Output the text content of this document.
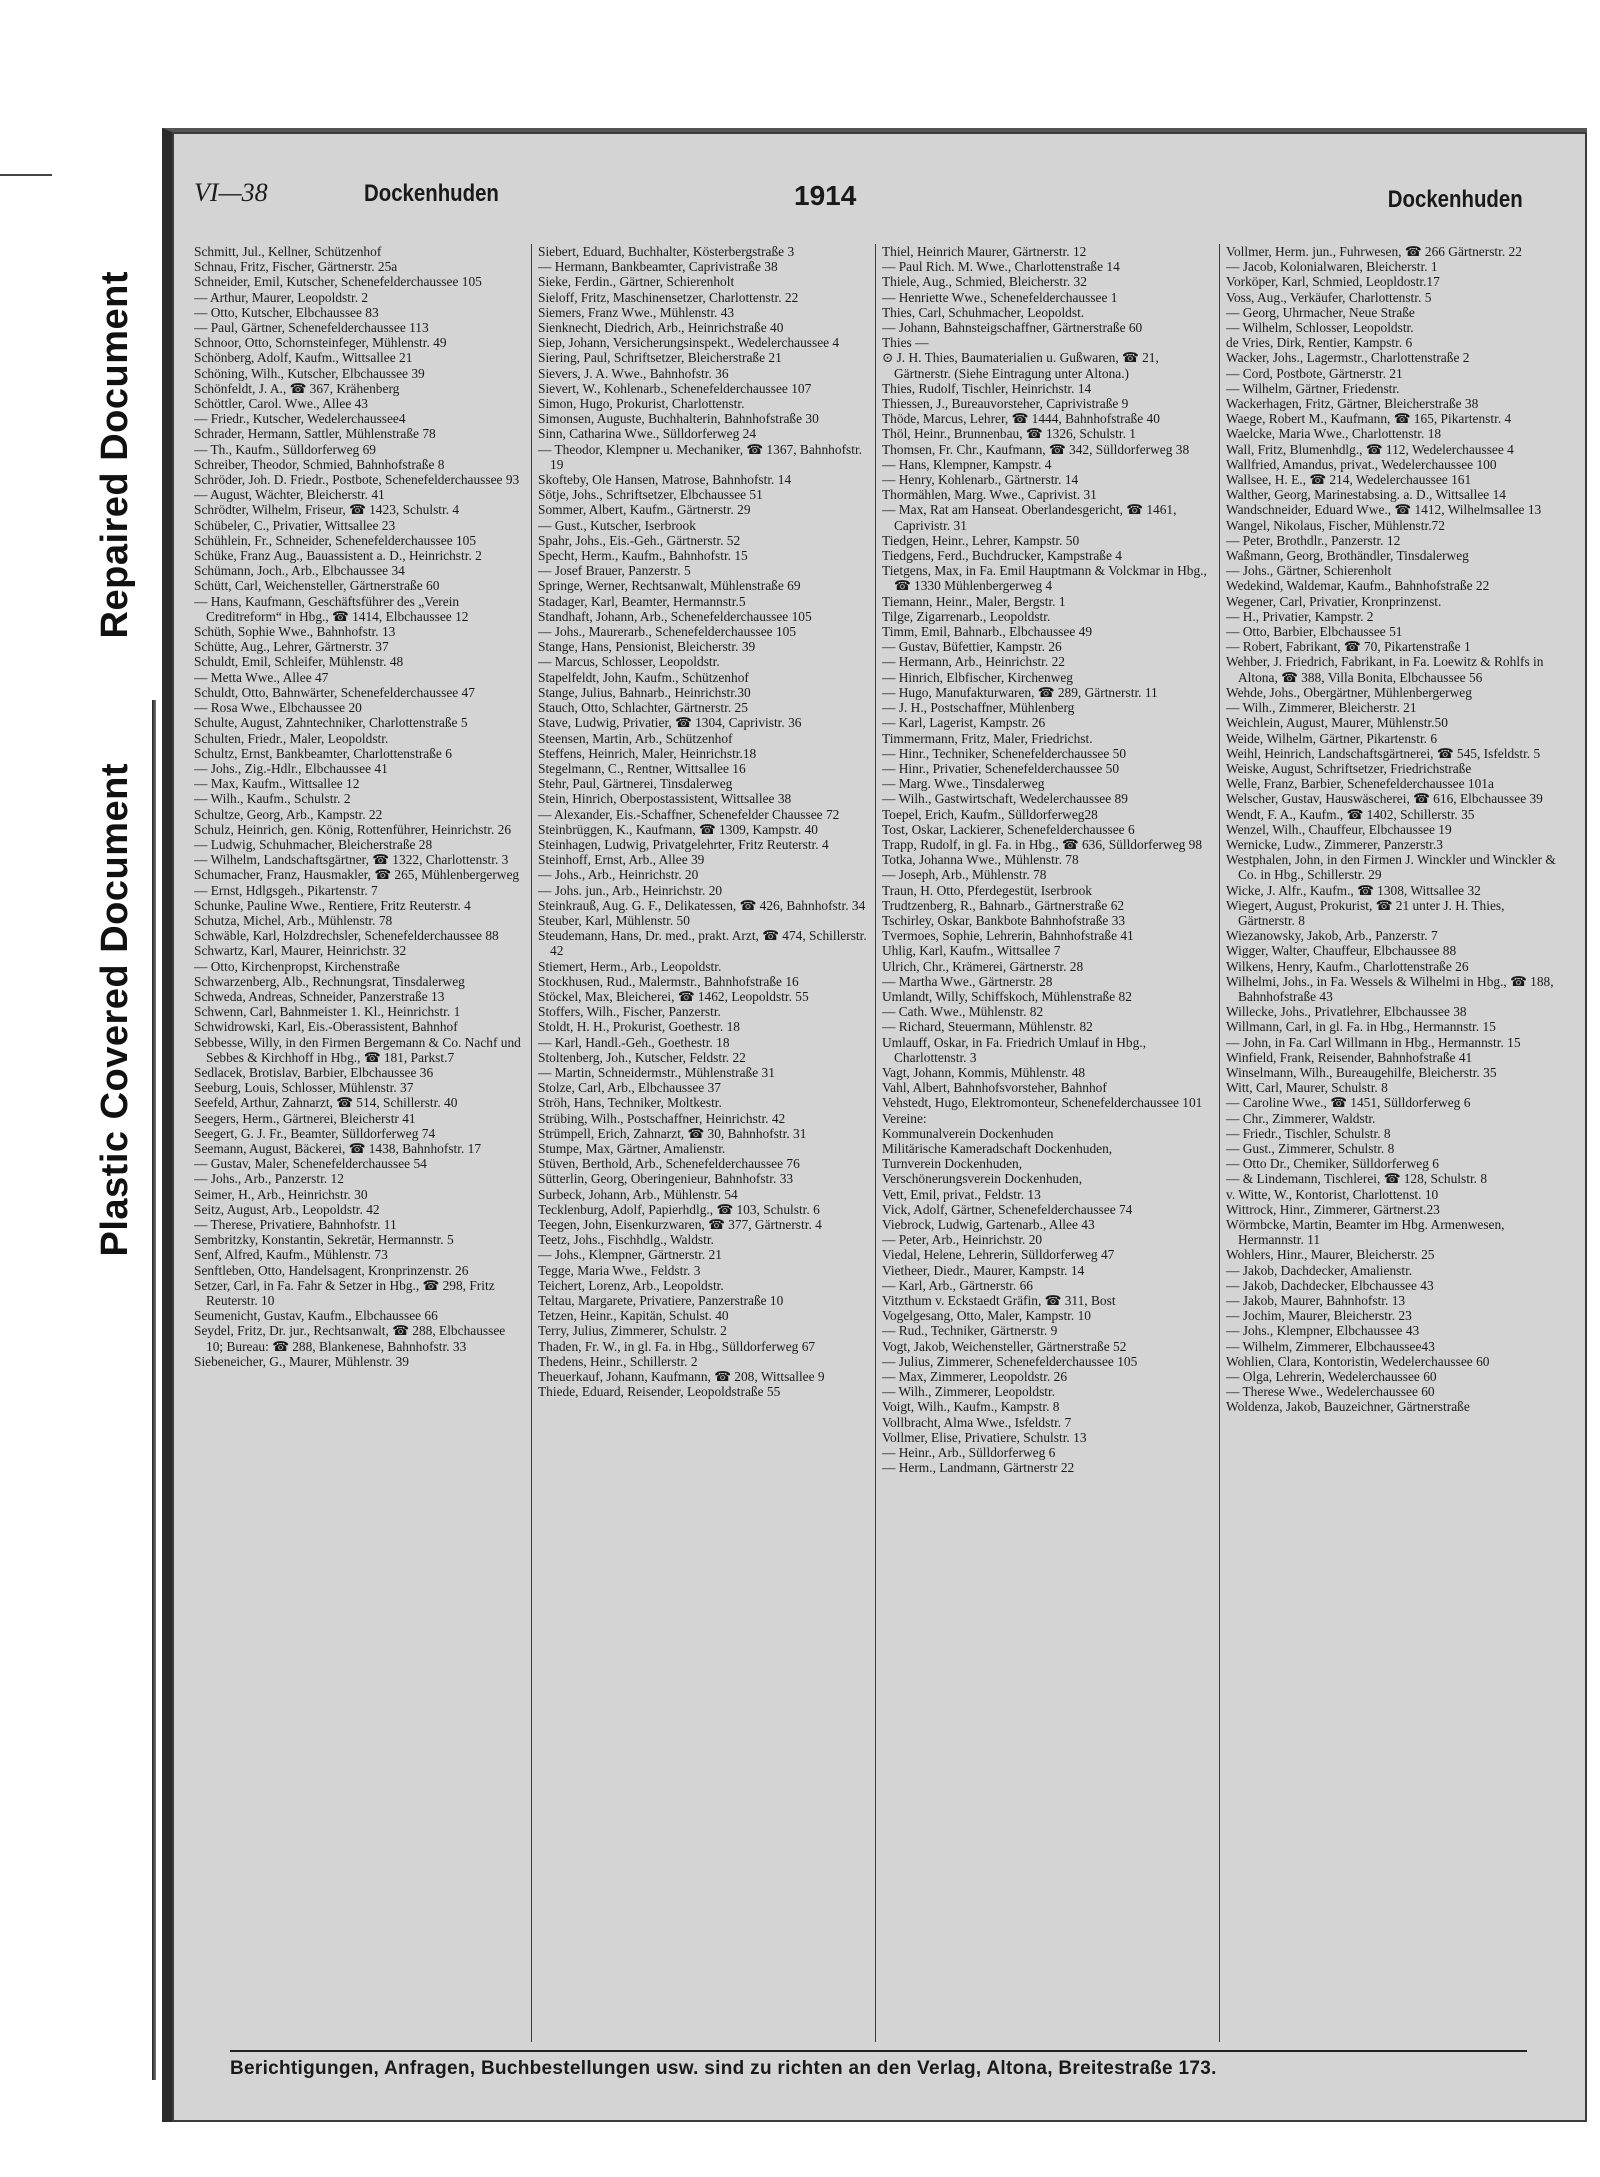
Repaired Document
Plastic Covered Document
VI—38	Dockenhuden	1914	Dockenhuden

Schmitt, Jul., Kellner, Schützenhof

Schnau, Fritz, Fischer, Gärtnerstr. 25a

Schneider, Emil, Kutscher, Schenefelderchaussee 105

— Arthur, Maurer, Leopoldstr. 2

— Otto, Kutscher, Elbchaussee 83

— Paul, Gärtner, Schenefelderchaussee 113

Schnoor, Otto, Schornsteinfeger, Mühlenstr. 49

Schönberg, Adolf, Kaufm., Wittsallee 21

Schöning, Wilh., Kutscher, Elbchaussee 39

Schönfeldt, J. A., ☎ 367, Krähenberg

Schöttler, Carol. Wwe., Allee 43

— Friedr., Kutscher, Wedelerchaussee4

Schrader, Hermann, Sattler, Mühlenstraße 78

— Th., Kaufm., Sülldorferweg 69

Schreiber, Theodor, Schmied, Bahnhofstraße 8

Schröder, Joh. D. Friedr., Postbote, Schenefelderchaussee 93

— August, Wächter, Bleicherstr. 41

Schrödter, Wilhelm, Friseur, ☎ 1423, Schulstr. 4

Schübeler, C., Privatier, Wittsallee 23

Schühlein, Fr., Schneider, Schenefelderchaussee 105

Schüke, Franz Aug., Bauassistent a. D., Heinrichstr. 2

Schümann, Joch., Arb., Elbchaussee 34

Schütt, Carl, Weichensteller, Gärtnerstraße 60

— Hans, Kaufmann, Geschäftsführer des „Verein Creditreform“ in Hbg., ☎ 1414, Elbchaussee 12

Schüth, Sophie Wwe., Bahnhofstr. 13

Schütte, Aug., Lehrer, Gärtnerstr. 37

Schuldt, Emil, Schleifer, Mühlenstr. 48

— Metta Wwe., Allee 47

Schuldt, Otto, Bahnwärter, Schenefelderchaussee 47

— Rosa Wwe., Elbchaussee 20

Schulte, August, Zahntechniker, Charlottenstraße 5

Schulten, Friedr., Maler, Leopoldstr.

Schultz, Ernst, Bankbeamter, Charlottenstraße 6

— Johs., Zig.-Hdlr., Elbchaussee 41

— Max, Kaufm., Wittsallee 12

— Wilh., Kaufm., Schulstr. 2

Schultze, Georg, Arb., Kampstr. 22

Schulz, Heinrich, gen. König, Rottenführer, Heinrichstr. 26

— Ludwig, Schuhmacher, Bleicherstraße 28

— Wilhelm, Landschaftsgärtner, ☎ 1322, Charlottenstr. 3

Schumacher, Franz, Hausmakler, ☎ 265, Mühlenbergerweg

— Ernst, Hdlgsgeh., Pikartenstr. 7

Schunke, Pauline Wwe., Rentiere, Fritz Reuterstr. 4

Schutza, Michel, Arb., Mühlenstr. 78

Schwäble, Karl, Holzdrechsler, Schenefelderchaussee 88

Schwartz, Karl, Maurer, Heinrichstr. 32

— Otto, Kirchenpropst, Kirchenstraße

Schwarzenberg, Alb., Rechnungsrat, Tinsdalerweg

Schweda, Andreas, Schneider, Panzerstraße 13

Schwenn, Carl, Bahnmeister 1. Kl., Heinrichstr. 1

Schwidrowski, Karl, Eis.-Oberassistent, Bahnhof

Sebbesse, Willy, in den Firmen Bergemann & Co. Nachf und Sebbes & Kirchhoff in Hbg., ☎ 181, Parkst.7

Sedlacek, Brotislav, Barbier, Elbchaussee 36

Seeburg, Louis, Schlosser, Mühlenstr. 37

Seefeld, Arthur, Zahnarzt, ☎ 514, Schillerstr. 40

Seegers, Herm., Gärtnerei, Bleicherstr 41

Seegert, G. J. Fr., Beamter, Sülldorferweg 74

Seemann, August, Bäckerei, ☎ 1438, Bahnhofstr. 17

— Gustav, Maler, Schenefelderchaussee 54

— Johs., Arb., Panzerstr. 12

Seimer, H., Arb., Heinrichstr. 30

Seitz, August, Arb., Leopoldstr. 42

— Therese, Privatiere, Bahnhofstr. 11

Sembritzky, Konstantin, Sekretär, Hermannstr. 5

Senf, Alfred, Kaufm., Mühlenstr. 73

Senftleben, Otto, Handelsagent, Kronprinzenstr. 26

Setzer, Carl, in Fa. Fahr & Setzer in Hbg., ☎ 298, Fritz Reuterstr. 10

Seumenicht, Gustav, Kaufm., Elbchaussee 66

Seydel, Fritz, Dr. jur., Rechtsanwalt, ☎ 288, Elbchaussee 10; Bureau: ☎ 288, Blankenese, Bahnhofstr. 33

Siebeneicher, G., Maurer, Mühlenstr. 39

Siebert, Eduard, Buchhalter, Kösterbergstraße 3

— Hermann, Bankbeamter, Caprivistraße 38

Sieke, Ferdin., Gärtner, Schierenholt

Sieloff, Fritz, Maschinensetzer, Charlottenstr. 22

Siemers, Franz Wwe., Mühlenstr. 43

Sienknecht, Diedrich, Arb., Heinrichstraße 40

Siep, Johann, Versicherungsinspekt., Wedelerchaussee 4

Siering, Paul, Schriftsetzer, Bleicherstraße 21

Sievers, J. A. Wwe., Bahnhofstr. 36

Sievert, W., Kohlenarb., Schenefelderchaussee 107

Simon, Hugo, Prokurist, Charlottenstr.

Simonsen, Auguste, Buchhalterin, Bahnhofstraße 30

Sinn, Catharina Wwe., Sülldorferweg 24

— Theodor, Klempner u. Mechaniker, ☎ 1367, Bahnhofstr. 19

Skofteby, Ole Hansen, Matrose, Bahnhofstr. 14

Sötje, Johs., Schriftsetzer, Elbchaussee 51

Sommer, Albert, Kaufm., Gärtnerstr. 29

— Gust., Kutscher, Iserbrook

Spahr, Johs., Eis.-Geh., Gärtnerstr. 52

Specht, Herm., Kaufm., Bahnhofstr. 15

— Josef Brauer, Panzerstr. 5

Springe, Werner, Rechtsanwalt, Mühlenstraße 69

Stadager, Karl, Beamter, Hermannstr.5

Standhaft, Johann, Arb., Schenefelderchaussee 105

— Johs., Maurerarb., Schenefelderchaussee 105

Stange, Hans, Pensionist, Bleicherstr. 39

— Marcus, Schlosser, Leopoldstr.

Stapelfeldt, John, Kaufm., Schützenhof

Stange, Julius, Bahnarb., Heinrichstr.30

Stauch, Otto, Schlachter, Gärtnerstr. 25

Stave, Ludwig, Privatier, ☎ 1304, Caprivistr. 36

Steensen, Martin, Arb., Schützenhof

Steffens, Heinrich, Maler, Heinrichstr.18

Stegelmann, C., Rentner, Wittsallee 16

Stehr, Paul, Gärtnerei, Tinsdalerweg

Stein, Hinrich, Oberpostassistent, Wittsallee 38

— Alexander, Eis.-Schaffner, Schenefelder Chaussee 72

Steinbrüggen, K., Kaufmann, ☎ 1309, Kampstr. 40

Steinhagen, Ludwig, Privatgelehrter, Fritz Reuterstr. 4

Steinhoff, Ernst, Arb., Allee 39

— Johs., Arb., Heinrichstr. 20

— Johs. jun., Arb., Heinrichstr. 20

Steinkrauß, Aug. G. F., Delikatessen, ☎ 426, Bahnhofstr. 34

Steuber, Karl, Mühlenstr. 50

Steudemann, Hans, Dr. med., prakt. Arzt, ☎ 474, Schillerstr. 42

Stiemert, Herm., Arb., Leopoldstr.

Stockhusen, Rud., Malermstr., Bahnhofstraße 16

Stöckel, Max, Bleicherei, ☎ 1462, Leopoldstr. 55

Stoffers, Wilh., Fischer, Panzerstr.

Stoldt, H. H., Prokurist, Goethestr. 18

— Karl, Handl.-Geh., Goethestr. 18

Stoltenberg, Joh., Kutscher, Feldstr. 22

— Martin, Schneidermstr., Mühlenstraße 31

Stolze, Carl, Arb., Elbchaussee 37

Ströh, Hans, Techniker, Moltkestr.

Strübing, Wilh., Postschaffner, Heinrichstr. 42

Strümpell, Erich, Zahnarzt, ☎ 30, Bahnhofstr. 31

Stumpe, Max, Gärtner, Amalienstr.

Stüven, Berthold, Arb., Schenefelderchaussee 76

Sütterlin, Georg, Oberingenieur, Bahnhofstr. 33

Surbeck, Johann, Arb., Mühlenstr. 54

Tecklenburg, Adolf, Papierhdlg., ☎ 103, Schulstr. 6

Teegen, John, Eisenkurzwaren, ☎ 377, Gärtnerstr. 4

Teetz, Johs., Fischhdlg., Waldstr.

— Johs., Klempner, Gärtnerstr. 21

Tegge, Maria Wwe., Feldstr. 3

Teichert, Lorenz, Arb., Leopoldstr.

Teltau, Margarete, Privatiere, Panzerstraße 10

Tetzen, Heinr., Kapitän, Schulst. 40

Terry, Julius, Zimmerer, Schulstr. 2

Thaden, Fr. W., in gl. Fa. in Hbg., Sülldorferweg 67

Thedens, Heinr., Schillerstr. 2

Theuerkauf, Johann, Kaufmann, ☎ 208, Wittsallee 9

Thiede, Eduard, Reisender, Leopoldstraße 55

Thiel, Heinrich Maurer, Gärtnerstr. 12

— Paul Rich. M. Wwe., Charlottenstraße 14

Thiele, Aug., Schmied, Bleicherstr. 32

— Henriette Wwe., Schenefelderchaussee 1

Thies, Carl, Schuhmacher, Leopoldst.

— Johann, Bahnsteigschaffner, Gärtnerstraße 60

Thies —

⊙ J. H. Thies, Baumaterialien u. Gußwaren, ☎ 21, Gärtnerstr. (Siehe Eintragung unter Altona.)

Thies, Rudolf, Tischler, Heinrichstr. 14

Thiessen, J., Bureauvorsteher, Caprivistraße 9

Thöde, Marcus, Lehrer, ☎ 1444, Bahnhofstraße 40

Thöl, Heinr., Brunnenbau, ☎ 1326, Schulstr. 1

Thomsen, Fr. Chr., Kaufmann, ☎ 342, Sülldorferweg 38

— Hans, Klempner, Kampstr. 4

— Henry, Kohlenarb., Gärtnerstr. 14

Thormählen, Marg. Wwe., Caprivist. 31

— Max, Rat am Hanseat. Oberlandesgericht, ☎ 1461, Caprivistr. 31

Tiedgen, Heinr., Lehrer, Kampstr. 50

Tiedgens, Ferd., Buchdrucker, Kampstraße 4

Tietgens, Max, in Fa. Emil Hauptmann & Volckmar in Hbg., ☎ 1330 Mühlenbergerweg 4

Tiemann, Heinr., Maler, Bergstr. 1

Tilge, Zigarrenarb., Leopoldstr.

Timm, Emil, Bahnarb., Elbchaussee 49

— Gustav, Büfettier, Kampstr. 26

— Hermann, Arb., Heinrichstr. 22

— Hinrich, Elbfischer, Kirchenweg

— Hugo, Manufakturwaren, ☎ 289, Gärtnerstr. 11

— J. H., Postschaffner, Mühlenberg

— Karl, Lagerist, Kampstr. 26

Timmermann, Fritz, Maler, Friedrichst.

— Hinr., Techniker, Schenefelderchaussee 50

— Hinr., Privatier, Schenefelderchaussee 50

— Marg. Wwe., Tinsdalerweg

— Wilh., Gastwirtschaft, Wedelerchaussee 89

Toepel, Erich, Kaufm., Sülldorferweg28

Tost, Oskar, Lackierer, Schenefelderchaussee 6

Trapp, Rudolf, in gl. Fa. in Hbg., ☎ 636, Sülldorferweg 98

Totka, Johanna Wwe., Mühlenstr. 78

— Joseph, Arb., Mühlenstr. 78

Traun, H. Otto, Pferdegestüt, Iserbrook

Trudtzenberg, R., Bahnarb., Gärtnerstraße 62

Tschirley, Oskar, Bankbote Bahnhofstraße 33

Tvermoes, Sophie, Lehrerin, Bahnhofstraße 41

Uhlig, Karl, Kaufm., Wittsallee 7

Ulrich, Chr., Krämerei, Gärtnerstr. 28

— Martha Wwe., Gärtnerstr. 28

Umlandt, Willy, Schiffskoch, Mühlenstraße 82

— Cath. Wwe., Mühlenstr. 82

— Richard, Steuermann, Mühlenstr. 82

Umlauff, Oskar, in Fa. Friedrich Umlauf in Hbg., Charlottenstr. 3

Vagt, Johann, Kommis, Mühlenstr. 48

Vahl, Albert, Bahnhofsvorsteher, Bahnhof

Vehstedt, Hugo, Elektromonteur, Schenefelderchaussee 101

Vereine:

Kommunalverein Dockenhuden

Militärische Kameradschaft Dockenhuden,

Turnverein Dockenhuden,

Verschönerungsverein Dockenhuden,

Vett, Emil, privat., Feldstr. 13

Vick, Adolf, Gärtner, Schenefelderchaussee 74

Viebrock, Ludwig, Gartenarb., Allee 43

— Peter, Arb., Heinrichstr. 20

Viedal, Helene, Lehrerin, Sülldorferweg 47

Vietheer, Diedr., Maurer, Kampstr. 14

— Karl, Arb., Gärtnerstr. 66

Vitzthum v. Eckstaedt Gräfin, ☎ 311, Bost

Vogelgesang, Otto, Maler, Kampstr. 10

— Rud., Techniker, Gärtnerstr. 9

Vogt, Jakob, Weichensteller, Gärtnerstraße 52

— Julius, Zimmerer, Schenefelderchaussee 105

— Max, Zimmerer, Leopoldstr. 26

— Wilh., Zimmerer, Leopoldstr.

Voigt, Wilh., Kaufm., Kampstr. 8

Vollbracht, Alma Wwe., Isfeldstr. 7

Vollmer, Elise, Privatiere, Schulstr. 13

— Heinr., Arb., Sülldorferweg 6

— Herm., Landmann, Gärtnerstr 22

Vollmer, Herm. jun., Fuhrwesen, ☎ 266 Gärtnerstr. 22

— Jacob, Kolonialwaren, Bleicherstr. 1

Vorköper, Karl, Schmied, Leopldostr.17

Voss, Aug., Verkäufer, Charlottenstr. 5

— Georg, Uhrmacher, Neue Straße

— Wilhelm, Schlosser, Leopoldstr.

de Vries, Dirk, Rentier, Kampstr. 6

Wacker, Johs., Lagermstr., Charlottenstraße 2

— Cord, Postbote, Gärtnerstr. 21

— Wilhelm, Gärtner, Friedenstr.

Wackerhagen, Fritz, Gärtner, Bleicherstraße 38

Waege, Robert M., Kaufmann, ☎ 165, Pikartenstr. 4

Waelcke, Maria Wwe., Charlottenstr. 18

Wall, Fritz, Blumenhdlg., ☎ 112, Wedelerchaussee 4

Wallfried, Amandus, privat., Wedelerchaussee 100

Wallsee, H. E., ☎ 214, Wedelerchaussee 161

Walther, Georg, Marinestabsing. a. D., Wittsallee 14

Wandschneider, Eduard Wwe., ☎ 1412, Wilhelmsallee 13

Wangel, Nikolaus, Fischer, Mühlenstr.72

— Peter, Brothdlr., Panzerstr. 12

Waßmann, Georg, Brothändler, Tinsdalerweg

— Johs., Gärtner, Schierenholt

Wedekind, Waldemar, Kaufm., Bahnhofstraße 22

Wegener, Carl, Privatier, Kronprinzenst.

— H., Privatier, Kampstr. 2

— Otto, Barbier, Elbchaussee 51

— Robert, Fabrikant, ☎ 70, Pikartenstraße 1

Wehber, J. Friedrich, Fabrikant, in Fa. Loewitz & Rohlfs in Altona, ☎ 388, Villa Bonita, Elbchaussee 56

Wehde, Johs., Obergärtner, Mühlenbergerweg

— Wilh., Zimmerer, Bleicherstr. 21

Weichlein, August, Maurer, Mühlenstr.50

Weide, Wilhelm, Gärtner, Pikartenstr. 6

Weihl, Heinrich, Landschaftsgärtnerei, ☎ 545, Isfeldstr. 5

Weiske, August, Schriftsetzer, Friedrichstraße

Welle, Franz, Barbier, Schenefelderchaussee 101a

Welscher, Gustav, Hauswäscherei, ☎ 616, Elbchaussee 39

Wendt, F. A., Kaufm., ☎ 1402, Schillerstr. 35

Wenzel, Wilh., Chauffeur, Elbchaussee 19

Wernicke, Ludw., Zimmerer, Panzerstr.3

Westphalen, John, in den Firmen J. Winckler und Winckler & Co. in Hbg., Schillerstr. 29

Wicke, J. Alfr., Kaufm., ☎ 1308, Wittsallee 32

Wiegert, August, Prokurist, ☎ 21 unter J. H. Thies, Gärtnerstr. 8

Wiezanowsky, Jakob, Arb., Panzerstr. 7

Wigger, Walter, Chauffeur, Elbchaussee 88

Wilkens, Henry, Kaufm., Charlottenstraße 26

Wilhelmi, Johs., in Fa. Wessels & Wilhelmi in Hbg., ☎ 188, Bahnhofstraße 43

Willecke, Johs., Privatlehrer, Elbchaussee 38

Willmann, Carl, in gl. Fa. in Hbg., Hermannstr. 15

— John, in Fa. Carl Willmann in Hbg., Hermannstr. 15

Winfield, Frank, Reisender, Bahnhofstraße 41

Winselmann, Wilh., Bureaugehilfe, Bleicherstr. 35

Witt, Carl, Maurer, Schulstr. 8

— Caroline Wwe., ☎ 1451, Sülldorferweg 6

— Chr., Zimmerer, Waldstr.

— Friedr., Tischler, Schulstr. 8

— Gust., Zimmerer, Schulstr. 8

— Otto Dr., Chemiker, Sülldorferweg 6

— & Lindemann, Tischlerei, ☎ 128, Schulstr. 8

v. Witte, W., Kontorist, Charlottenst. 10

Wittrock, Hinr., Zimmerer, Gärtnerst.23

Wörmbcke, Martin, Beamter im Hbg. Armenwesen, Hermannstr. 11

Wohlers, Hinr., Maurer, Bleicherstr. 25

— Jakob, Dachdecker, Amalienstr.

— Jakob, Dachdecker, Elbchaussee 43

— Jakob, Maurer, Bahnhofstr. 13

— Jochim, Maurer, Bleicherstr. 23

— Johs., Klempner, Elbchaussee 43

— Wilhelm, Zimmerer, Elbchaussee43

Wohlien, Clara, Kontoristin, Wedelerchaussee 60

— Olga, Lehrerin, Wedelerchaussee 60

— Therese Wwe., Wedelerchaussee 60

Woldenza, Jakob, Bauzeichner, Gärtnerstraße

Berichtigungen, Anfragen, Buchbestellungen usw. sind zu richten an den Verlag, Altona, Breitestraße 173.
